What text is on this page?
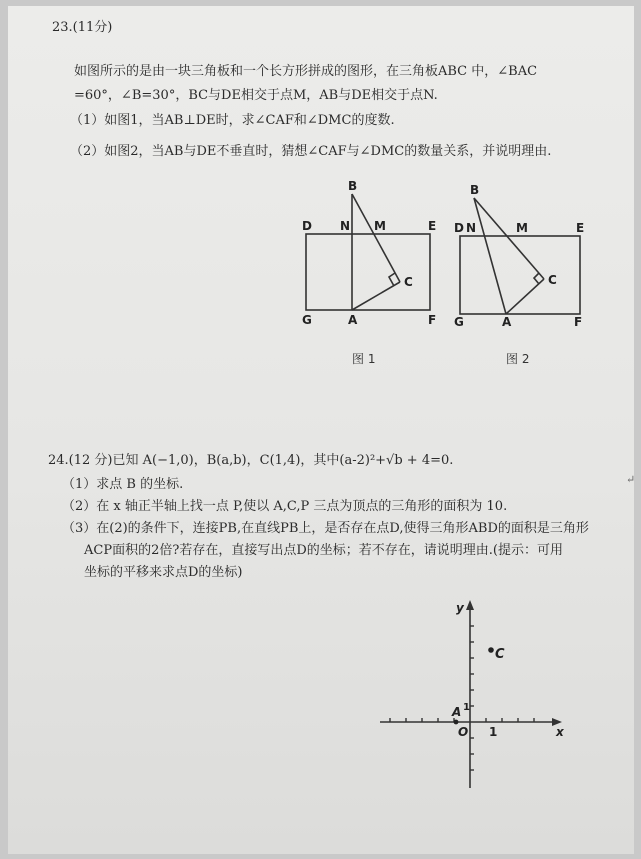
23.(11分)
如图所示的是由一块三角板和一个长方形拼成的图形，在三角板ABC 中，∠BAC
=60°，∠B=30°，BC与DE相交于点M，AB与DE相交于点N.
（1）如图1，当AB⊥DE时，求∠CAF和∠DMC的度数.
（2）如图2，当AB与DE不垂直时，猜想∠CAF与∠DMC的数量关系，并说明理由.
B
D N M	E
C
G	A	F
图 1
B
D N	M	E
C
G	A	F
图 2
24.(12 分)已知 A(−1,0)，B(a,b)，C(1,4)，其中(a-2)²+√b + 4=0.
（1）求点 B 的坐标.
（2）在 x 轴正半轴上找一点 P,使以 A,C,P 三点为顶点的三角形的面积为 10.
（3）在(2)的条件下，连接PB,在直线PB上，是否存在点D,使得三角形ABD的面积是三角形
ACP面积的2倍?若存在，直接写出点D的坐标；若不存在，请说明理由.(提示：可用
坐标的平移来求点D的坐标)
↵
y
x
C
A
O 1
1
